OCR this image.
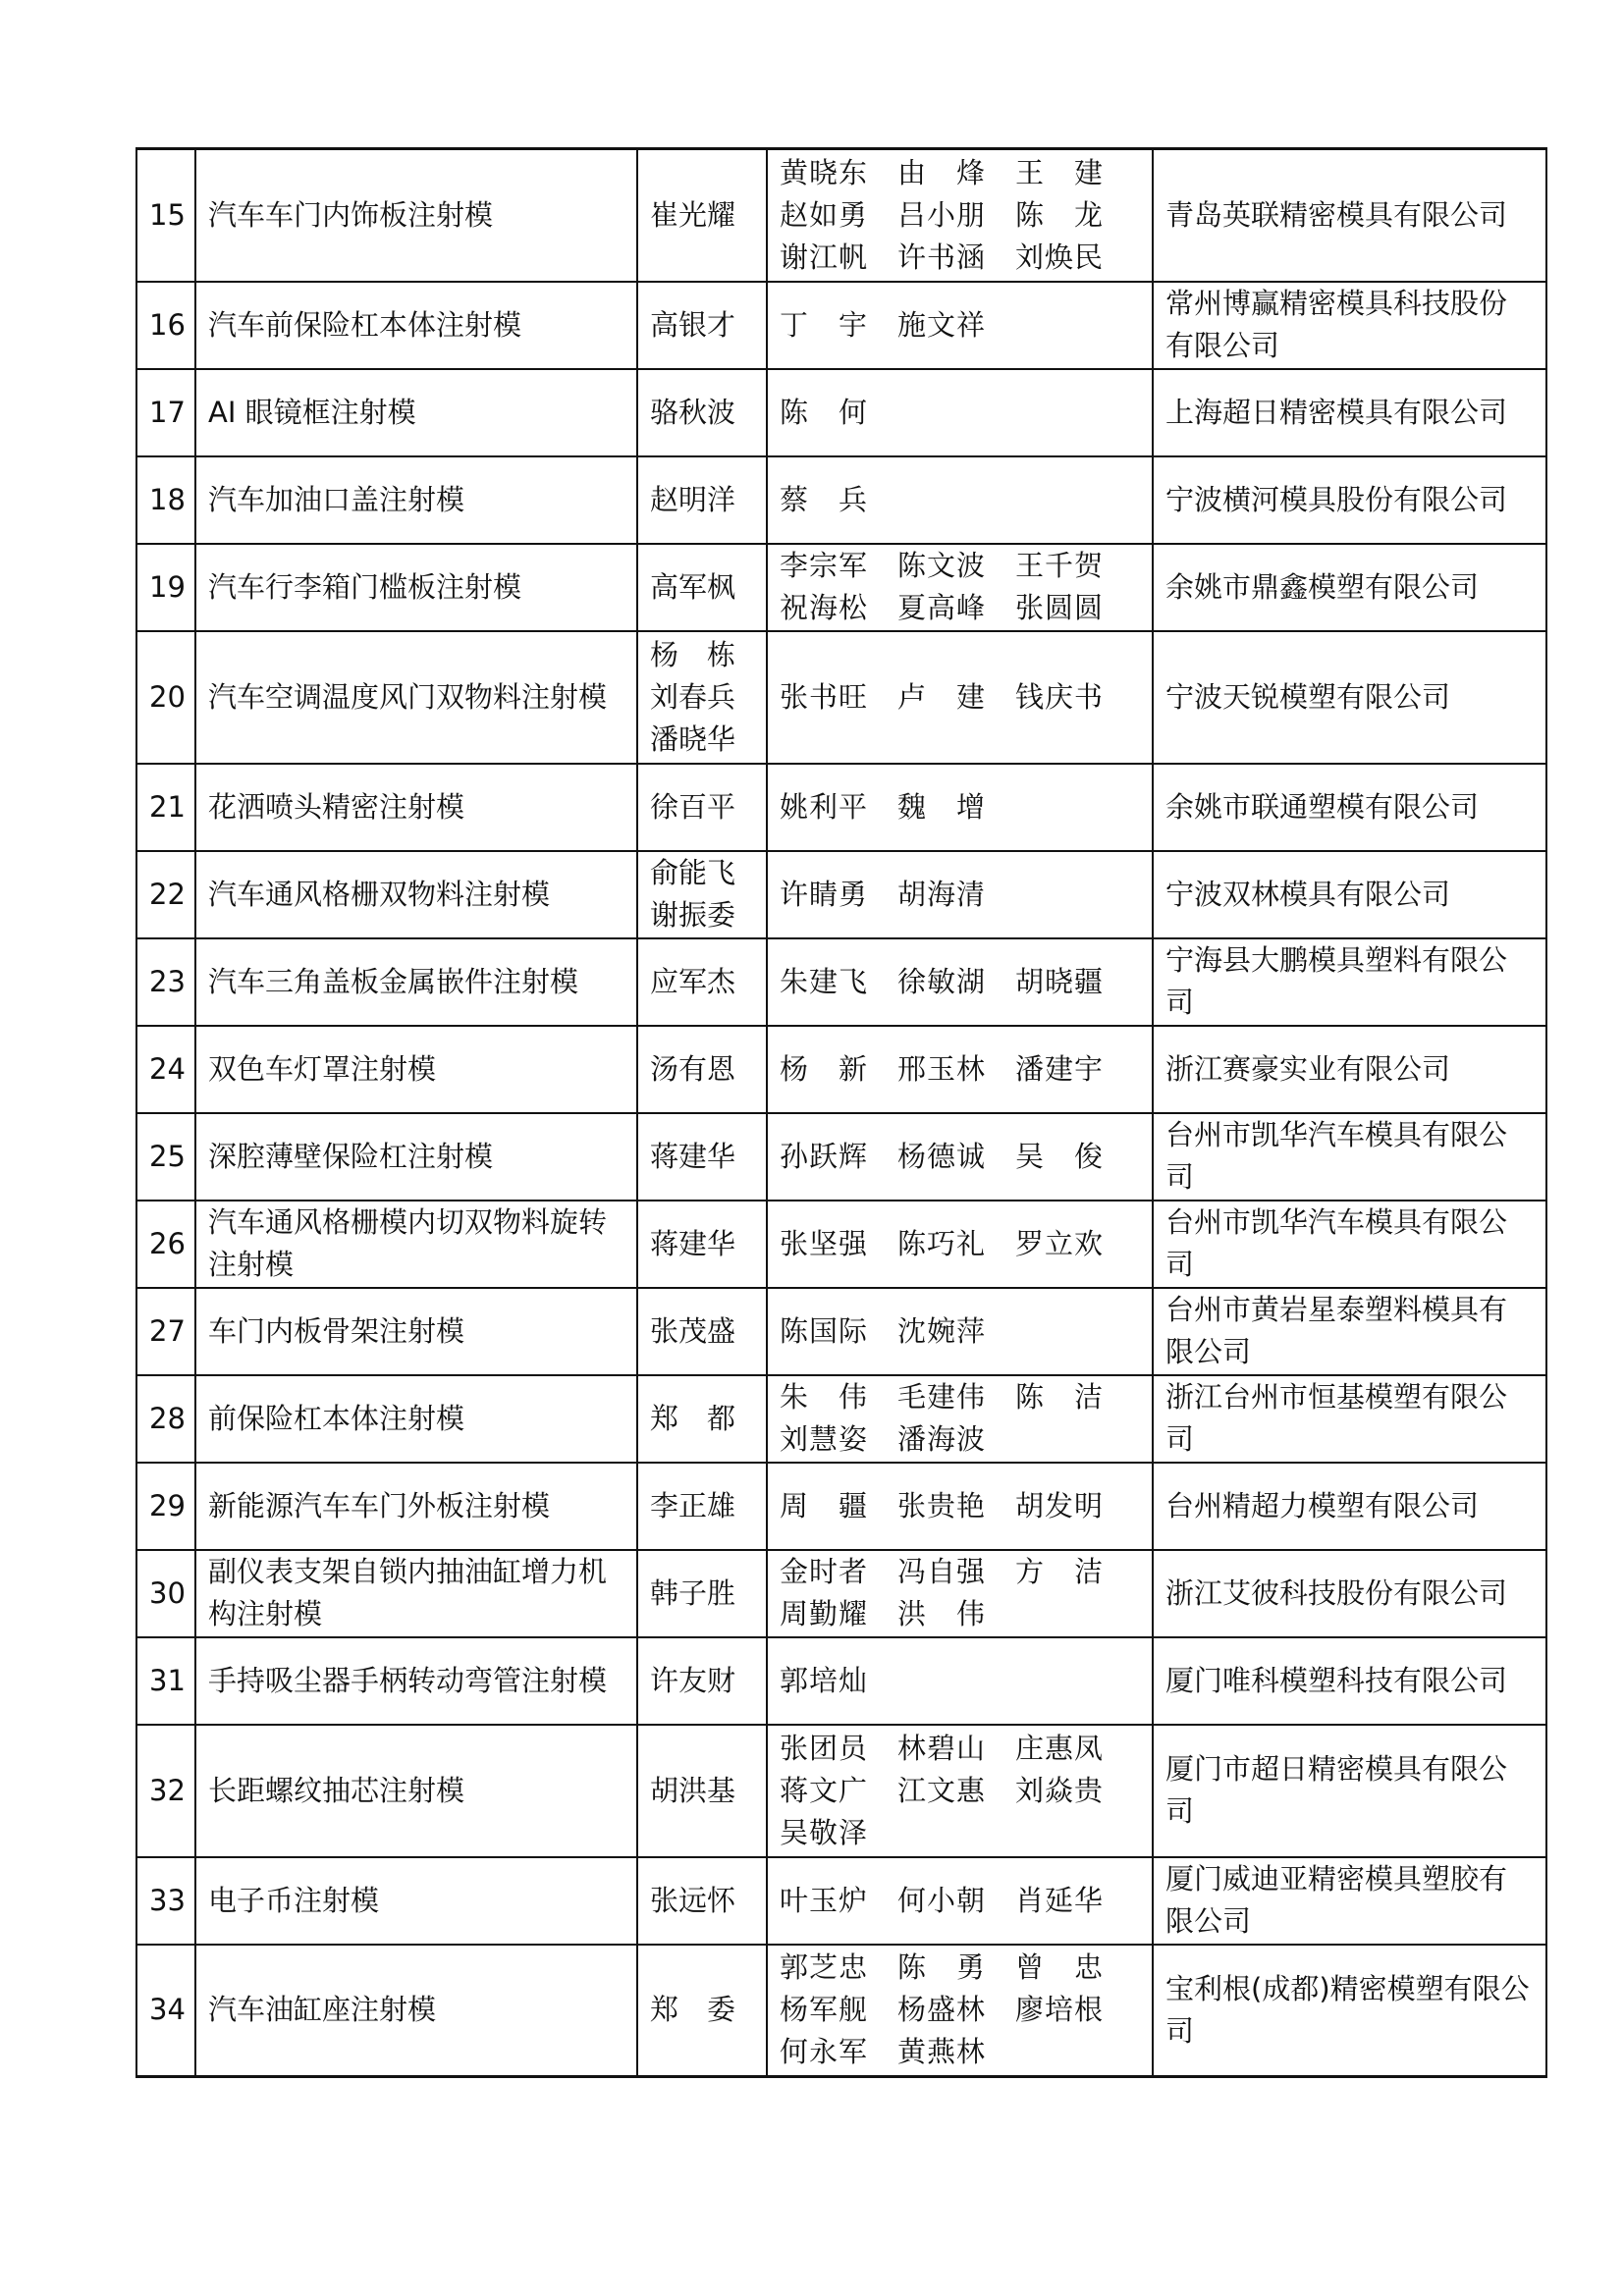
15	汽车车门内饰板注射模	崔光耀	黄晓东　由　烽　王　建
赵如勇　吕小朋　陈　龙
谢江帆　许书涵　刘焕民	青岛英联精密模具有限公司
16	汽车前保险杠本体注射模	高银才	丁　宇　施文祥	常州博赢精密模具科技股份有限公司
17	AI 眼镜框注射模	骆秋波	陈　何	上海超日精密模具有限公司
18	汽车加油口盖注射模	赵明洋	蔡　兵	宁波横河模具股份有限公司
19	汽车行李箱门槛板注射模	高军枫	李宗军　陈文波　王千贺
祝海松　夏高峰　张圆圆	余姚市鼎鑫模塑有限公司
20	汽车空调温度风门双物料注射模	杨　栋
刘春兵
潘晓华	张书旺　卢　建　钱庆书	宁波天锐模塑有限公司
21	花洒喷头精密注射模	徐百平	姚利平　魏　增	余姚市联通塑模有限公司
22	汽车通风格栅双物料注射模	俞能飞
谢振委	许睛勇　胡海清	宁波双林模具有限公司
23	汽车三角盖板金属嵌件注射模	应军杰	朱建飞　徐敏湖　胡晓疆	宁海县大鹏模具塑料有限公司
24	双色车灯罩注射模	汤有恩	杨　新　邢玉林　潘建宇	浙江赛豪实业有限公司
25	深腔薄壁保险杠注射模	蒋建华	孙跃辉　杨德诚　吴　俊	台州市凯华汽车模具有限公司
26	汽车通风格栅模内切双物料旋转注射模	蒋建华	张坚强　陈巧礼　罗立欢	台州市凯华汽车模具有限公司
27	车门内板骨架注射模	张茂盛	陈国际　沈婉萍	台州市黄岩星泰塑料模具有限公司
28	前保险杠本体注射模	郑　都	朱　伟　毛建伟　陈　洁
刘慧姿　潘海波	浙江台州市恒基模塑有限公司
29	新能源汽车车门外板注射模	李正雄	周　疆　张贵艳　胡发明	台州精超力模塑有限公司
30	副仪表支架自锁内抽油缸增力机构注射模	韩子胜	金时者　冯自强　方　洁
周勤耀　洪　伟	浙江艾彼科技股份有限公司
31	手持吸尘器手柄转动弯管注射模	许友财	郭培灿	厦门唯科模塑科技有限公司
32	长距螺纹抽芯注射模	胡洪基	张团员　林碧山　庄惠凤
蒋文广　江文惠　刘焱贵
吴敬泽	厦门市超日精密模具有限公司
33	电子币注射模	张远怀	叶玉炉　何小朝　肖延华	厦门威迪亚精密模具塑胶有限公司
34	汽车油缸座注射模	郑　委	郭芝忠　陈　勇　曾　忠
杨军舰　杨盛林　廖培根
何永军　黄燕林	宝利根(成都)精密模塑有限公司
